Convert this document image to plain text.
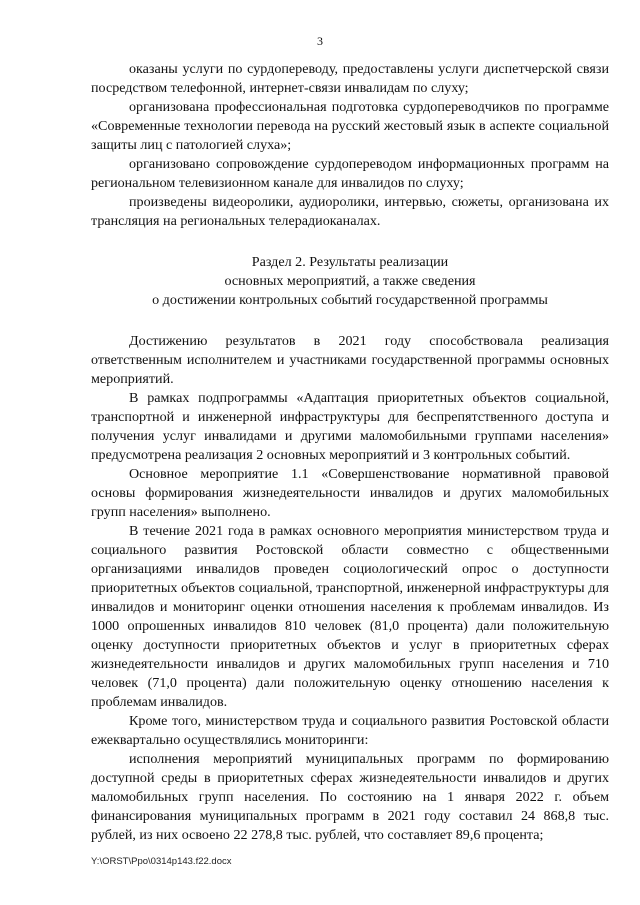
3

оказаны услуги по сурдопереводу, предоставлены услуги диспетчерской связи посредством телефонной, интернет-связи инвалидам по слуху;

организована профессиональная подготовка сурдопереводчиков по программе «Современные технологии перевода на русский жестовый язык в аспекте социальной защиты лиц с патологией слуха»;

организовано сопровождение сурдопереводом информационных программ на региональном телевизионном канале для инвалидов по слуху;

произведены видеоролики, аудиоролики, интервью, сюжеты, организована их трансляция на региональных телерадиоканалах.

Раздел 2. Результаты реализации
основных мероприятий, а также сведения
о достижении контрольных событий государственной программы

Достижению результатов в 2021 году способствовала реализация ответственным исполнителем и участниками государственной программы основных мероприятий.

В рамках подпрограммы «Адаптация приоритетных объектов социальной, транспортной и инженерной инфраструктуры для беспрепятственного доступа и получения услуг инвалидами и другими маломобильными группами населения» предусмотрена реализация 2 основных мероприятий и 3 контрольных событий.

Основное мероприятие 1.1 «Совершенствование нормативной правовой основы формирования жизнедеятельности инвалидов и других маломобильных групп населения» выполнено.

В течение 2021 года в рамках основного мероприятия министерством труда и социального развития Ростовской области совместно с общественными организациями инвалидов проведен социологический опрос о доступности приоритетных объектов социальной, транспортной, инженерной инфраструктуры для инвалидов и мониторинг оценки отношения населения к проблемам инвалидов. Из 1000 опрошенных инвалидов 810 человек (81,0 процента) дали положительную оценку доступности приоритетных объектов и услуг в приоритетных сферах жизнедеятельности инвалидов и других маломобильных групп населения и 710 человек (71,0 процента) дали положительную оценку отношению населения к проблемам инвалидов.

Кроме того, министерством труда и социального развития Ростовской области ежеквартально осуществлялись мониторинги:

исполнения мероприятий муниципальных программ по формированию доступной среды в приоритетных сферах жизнедеятельности инвалидов и других маломобильных групп населения. По состоянию на 1 января 2022 г. объем финансирования муниципальных программ в 2021 году составил 24 868,8 тыс. рублей, из них освоено 22 278,8 тыс. рублей, что составляет 89,6 процента;

Y:\ORST\Ppo\0314p143.f22.docx
